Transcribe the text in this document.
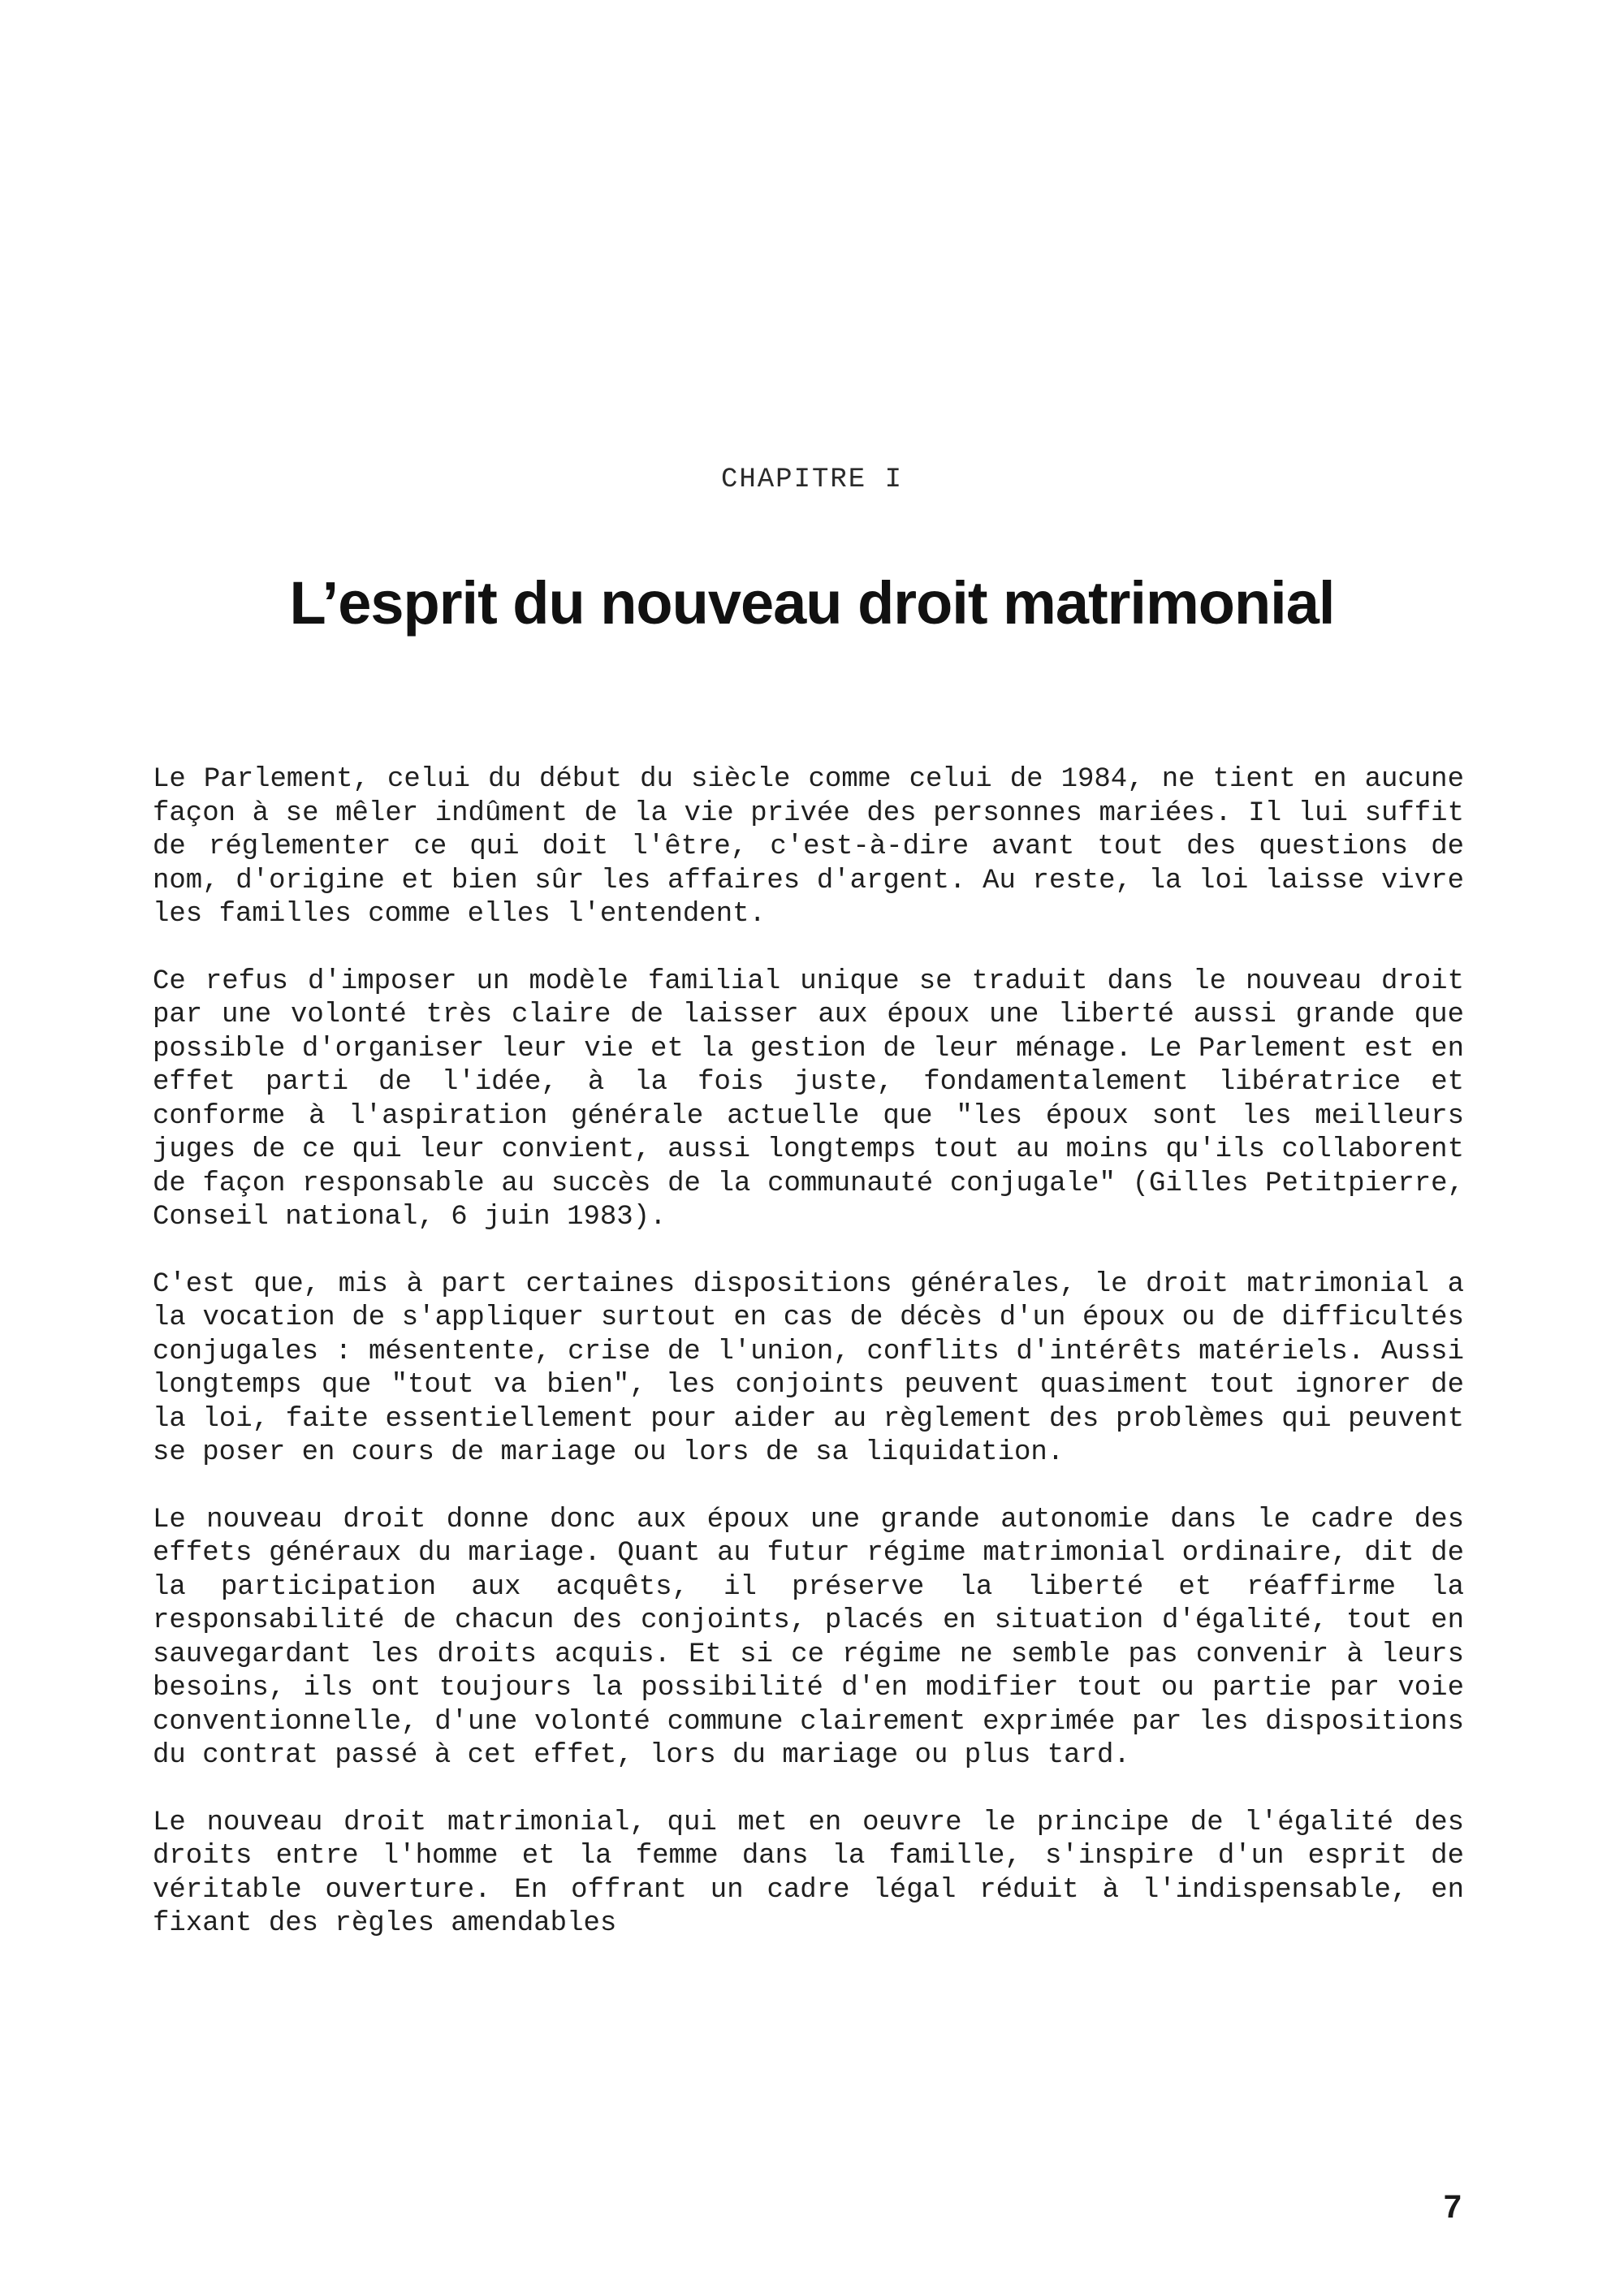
CHAPITRE I
L’esprit du nouveau droit matrimonial

Le Parlement, celui du début du siècle comme celui de 1984, ne tient en aucune façon à se mêler indûment de la vie privée des personnes mariées. Il lui suffit de réglementer ce qui doit l'être, c'est-à-dire avant tout des questions de nom, d'origine et bien sûr les affaires d'argent. Au reste, la loi laisse vivre les familles comme elles l'entendent.

Ce refus d'imposer un modèle familial unique se traduit dans le nouveau droit par une volonté très claire de laisser aux époux une liberté aussi grande que possible d'organiser leur vie et la gestion de leur ménage. Le Parlement est en effet parti de l'idée, à la fois juste, fondamentalement libératrice et conforme à l'aspiration générale actuelle que "les époux sont les meilleurs juges de ce qui leur convient, aussi longtemps tout au moins qu'ils collaborent de façon responsable au succès de la communauté conjugale" (Gilles Petitpierre, Conseil national, 6 juin 1983).

C'est que, mis à part certaines dispositions générales, le droit matrimonial a la vocation de s'appliquer surtout en cas de décès d'un époux ou de difficultés conjugales : mésentente, crise de l'union, conflits d'intérêts matériels. Aussi longtemps que "tout va bien", les conjoints peuvent quasiment tout ignorer de la loi, faite essentiellement pour aider au règlement des problèmes qui peuvent se poser en cours de mariage ou lors de sa liquidation.

Le nouveau droit donne donc aux époux une grande autonomie dans le cadre des effets généraux du mariage. Quant au futur régime matrimonial ordinaire, dit de la participation aux acquêts, il préserve la liberté et réaffirme la responsabilité de chacun des conjoints, placés en situation d'égalité, tout en sauvegardant les droits acquis. Et si ce régime ne semble pas convenir à leurs besoins, ils ont toujours la possibilité d'en modifier tout ou partie par voie conventionnelle, d'une volonté commune clairement exprimée par les dispositions du contrat passé à cet effet, lors du mariage ou plus tard.

Le nouveau droit matrimonial, qui met en oeuvre le principe de l'égalité des droits entre l'homme et la femme dans la famille, s'inspire d'un esprit de véritable ouverture. En offrant un cadre légal réduit à l'indispensable, en fixant des règles amendables

7
